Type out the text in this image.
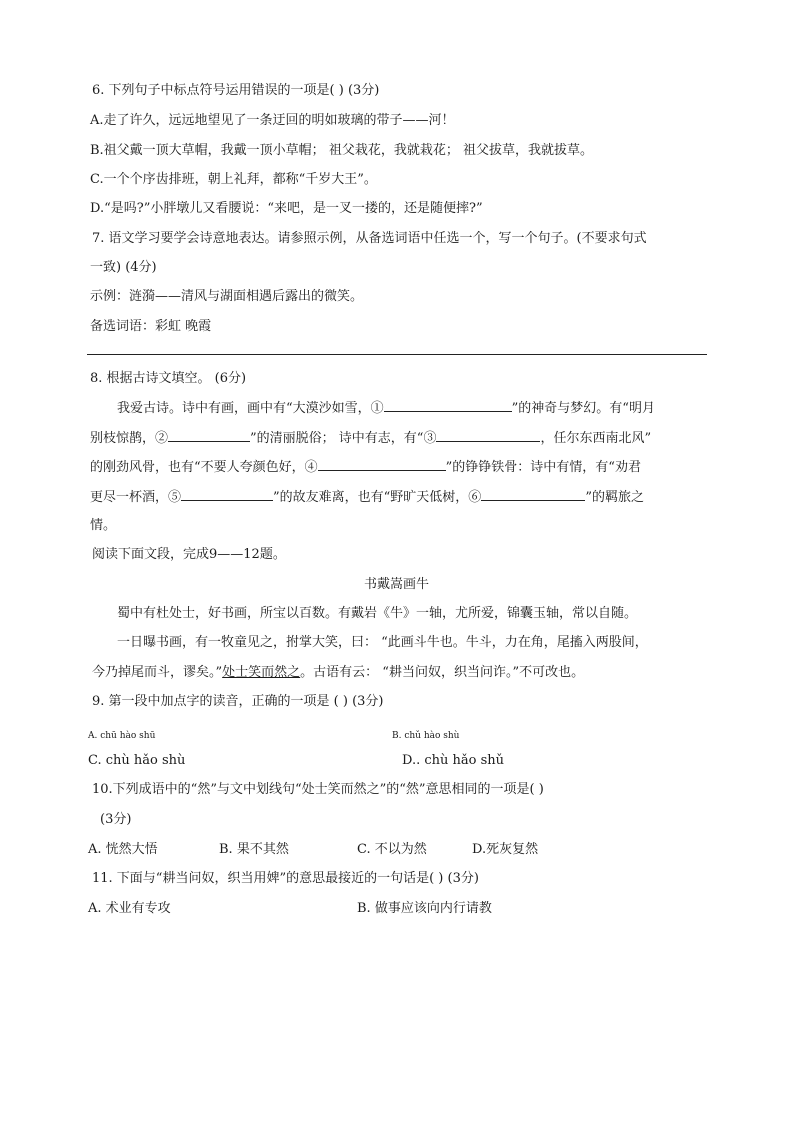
6. 下列句子中标点符号运用错误的一项是( ) (3分)
A.走了许久，远远地望见了一条迂回的明如玻璃的带子——河！
B.祖父戴一顶大草帽，我戴一顶小草帽； 祖父栽花，我就栽花； 祖父拔草，我就拔草。
C.一个个序齿排班，朝上礼拜，都称“千岁大王”。
D.“是吗?”小胖墩儿又看腰说：“来吧，是一叉一搂的，还是随便摔?”
7. 语文学习要学会诗意地表达。请参照示例，从备选词语中任选一个，写一个句子。(不要求句式
一致) (4分)
示例：涟漪——清风与湖面相遇后露出的微笑。
备选词语：彩虹 晚霞
8. 根据古诗文填空。 (6分)
我爱古诗。诗中有画，画中有“大漠沙如雪，①	”的神奇与梦幻。有“明月
别枝惊鹊，②	”的清丽脱俗； 诗中有志，有“③	，任尔东西南北风”
的刚劲风骨，也有“不要人夸颜色好，④	”的铮铮铁骨：诗中有情，有“劝君
更尽一杯酒，⑤	”的故友难离，也有“野旷天低树，⑥	”的羁旅之
情。
阅读下面文段，完成9——12题。
书戴嵩画牛
蜀中有杜处士，好书画，所宝以百数。有戴岩《牛》一轴，尤所爱，锦囊玉轴，常以自随。
一日曝书画，有一牧童见之，拊掌大笑，曰： “此画斗牛也。牛斗，力在角，尾搐入两股间，
今乃掉尾而斗，谬矣。”处士笑而然之。古语有云： “耕当问奴，织当问诈。”不可改也。
9. 第一段中加点字的读音，正确的一项是 ( ) (3分)
A. chū hào shū	B. chǔ hào shù
C. chù hǎo shù	D.. chù hǎo shǔ
10.下列成语中的“然”与文中划线句“处士笑而然之”的“然”意思相同的一项是( )
(3分)
A. 恍然大悟	B. 果不其然	C. 不以为然	D.死灰复然
11. 下面与“耕当问奴，织当用婢”的意思最接近的一句话是( ) (3分)
A. 术业有专攻	B. 做事应该向内行请教
